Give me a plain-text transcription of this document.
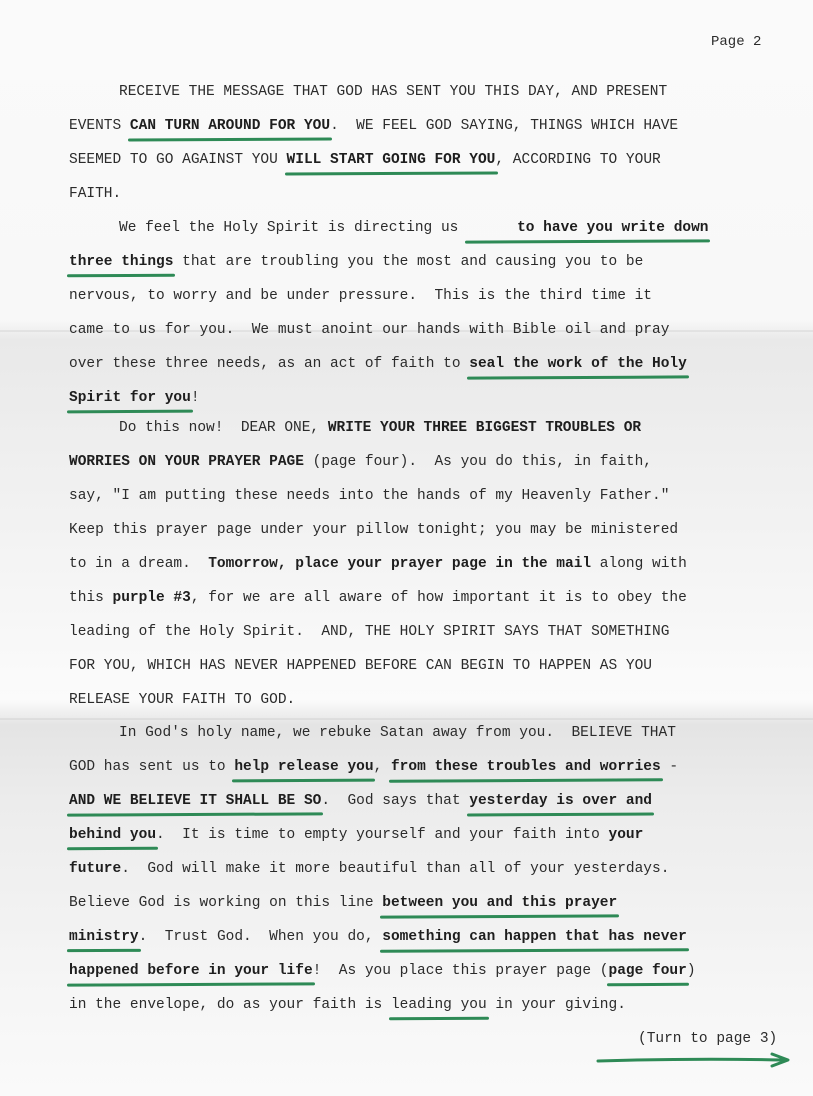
Page 2
RECEIVE THE MESSAGE THAT GOD HAS SENT YOU THIS DAY, AND PRESENT
EVENTS CAN TURN AROUND FOR YOU.  WE FEEL GOD SAYING, THINGS WHICH HAVE
SEEMED TO GO AGAINST YOU WILL START GOING FOR YOU, ACCORDING TO YOUR
FAITH.
We feel the Holy Spirit is directing us	to have you write down
three things that are troubling you the most and causing you to be
nervous, to worry and be under pressure.  This is the third time it
came to us for you.  We must anoint our hands with Bible oil and pray
over these three needs, as an act of faith to seal the work of the Holy
Spirit for you!
Do this now!  DEAR ONE, WRITE YOUR THREE BIGGEST TROUBLES OR
WORRIES ON YOUR PRAYER PAGE (page four).  As you do this, in faith,
say, "I am putting these needs into the hands of my Heavenly Father."
Keep this prayer page under your pillow tonight; you may be ministered
to in a dream.  Tomorrow, place your prayer page in the mail along with
this purple #3, for we are all aware of how important it is to obey the
leading of the Holy Spirit.  AND, THE HOLY SPIRIT SAYS THAT SOMETHING
FOR YOU, WHICH HAS NEVER HAPPENED BEFORE CAN BEGIN TO HAPPEN AS YOU
RELEASE YOUR FAITH TO GOD.
In God's holy name, we rebuke Satan away from you.  BELIEVE THAT
GOD has sent us to help release you, from these troubles and worries -
AND WE BELIEVE IT SHALL BE SO.  God says that yesterday is over and
behind you.  It is time to empty yourself and your faith into your
future.  God will make it more beautiful than all of your yesterdays.
Believe God is working on this line between you and this prayer
ministry.  Trust God.  When you do, something can happen that has never
happened before in your life!  As you place this prayer page (page four)
in the envelope, do as your faith is leading you in your giving.
(Turn to page 3)
